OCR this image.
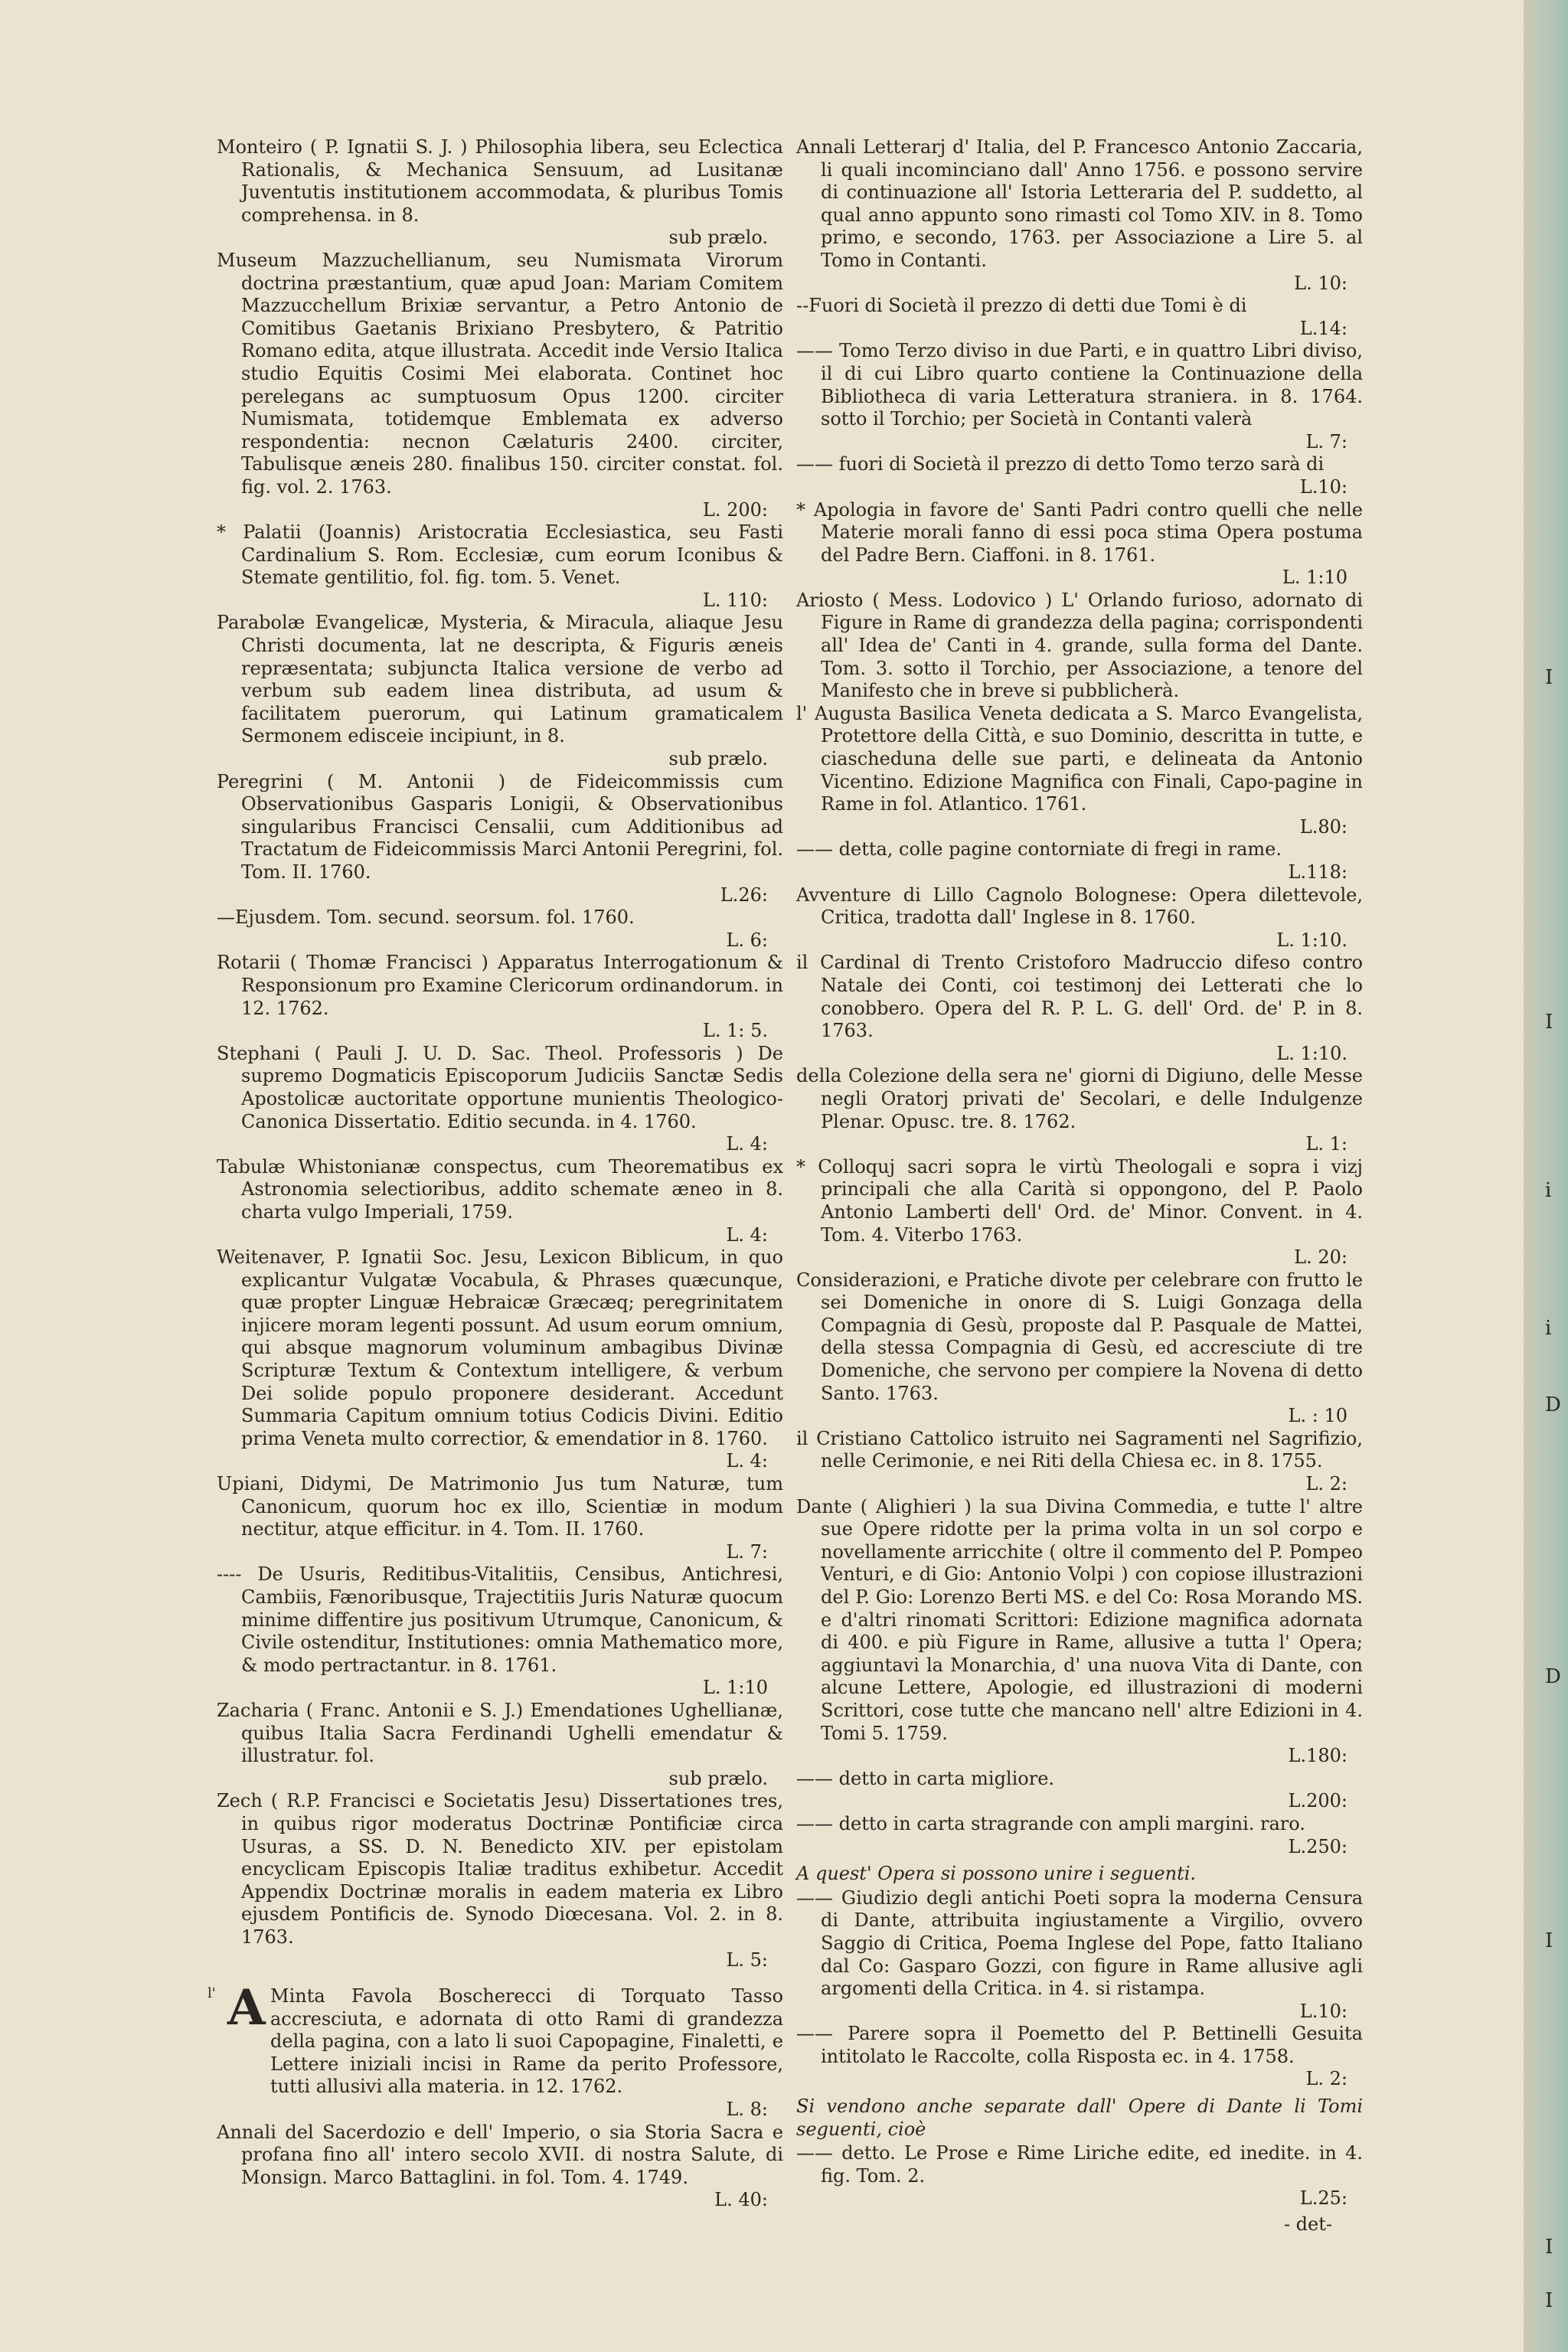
Monteiro ( P. Ignatii S. J. ) Philosophia libera, seu Eclectica Rationalis, & Mechanica Sensuum, ad Lusitanæ Juventutis institutionem accommodata, & pluribus Tomis comprehensa. in 8.
sub prælo.

Museum Mazzuchellianum, seu Numismata Virorum doctrina præstantium, quæ apud Joan: Mariam Comitem Mazzucchellum Brixiæ servantur, a Petro Antonio de Comitibus Gaetanis Brixiano Presbytero, & Patritio Romano edita, atque illustrata. Accedit inde Versio Italica studio Equitis Cosimi Mei elaborata. Continet hoc perelegans ac sumptuosum Opus 1200. circiter Numismata, totidemque Emblemata ex adverso respondentia: necnon Cælaturis 2400. circiter, Tabulisque æneis 280. finalibus 150. circiter constat. fol. fig. vol. 2. 1763.
L. 200:

* Palatii (Joannis) Aristocratia Ecclesiastica, seu Fasti Cardinalium S. Rom. Ecclesiæ, cum eorum Iconibus & Stemate gentilitio, fol. fig. tom. 5. Venet.
L. 110:

Parabolæ Evangelicæ, Mysteria, & Miracula, aliaque Jesu Christi documenta, lat ne descripta, & Figuris æneis repræsentata; subjuncta Italica versione de verbo ad verbum sub eadem linea distributa, ad usum & facilitatem puerorum, qui Latinum gramaticalem Sermonem edisceie incipiunt, in 8.
sub prælo.

Peregrini ( M. Antonii ) de Fideicommissis cum Observationibus Gasparis Lonigii, & Observationibus singularibus Francisci Censalii, cum Additionibus ad Tractatum de Fideicommissis Marci Antonii Peregrini, fol. Tom. II. 1760.
L.26:

—Ejusdem. Tom. secund. seorsum. fol. 1760.
L. 6:

Rotarii ( Thomæ Francisci ) Apparatus Interrogationum & Responsionum pro Examine Clericorum ordinandorum. in 12. 1762.
L. 1: 5.

Stephani ( Pauli J. U. D. Sac. Theol. Professoris ) De supremo Dogmaticis Episcoporum Judiciis Sanctæ Sedis Apostolicæ auctoritate opportune munientis Theologico-Canonica Dissertatio. Editio secunda. in 4. 1760.
L. 4:

Tabulæ Whistonianæ conspectus, cum Theorematibus ex Astronomia selectioribus, addito schemate æneo in 8. charta vulgo Imperiali, 1759.
L. 4:

Weitenaver, P. Ignatii Soc. Jesu, Lexicon Biblicum, in quo explicantur Vulgatæ Vocabula, & Phrases quæcunque, quæ propter Linguæ Hebraicæ Græcæq; peregrinitatem injicere moram legenti possunt. Ad usum eorum omnium, qui absque magnorum voluminum ambagibus Divinæ Scripturæ Textum & Contextum intelligere, & verbum Dei solide populo proponere desiderant. Accedunt Summaria Capitum omnium totius Codicis Divini. Editio prima Veneta multo correctior, & emendatior in 8. 1760.
L. 4:

Upiani, Didymi, De Matrimonio Jus tum Naturæ, tum Canonicum, quorum hoc ex illo, Scientiæ in modum nectitur, atque efficitur. in 4. Tom. II. 1760.
L. 7:

---- De Usuris, Reditibus-Vitalitiis, Censibus, Antichresi, Cambiis, Fænoribusque, Trajectitiis Juris Naturæ quocum minime diffentire jus positivum Utrumque, Canonicum, & Civile ostenditur, Institutiones: omnia Mathematico more, & modo pertractantur. in 8. 1761.
L. 1:10

Zacharia ( Franc. Antonii e S. J.) Emendationes Ughellianæ, quibus Italia Sacra Ferdinandi Ughelli emendatur & illustratur. fol.
sub prælo.

Zech ( R.P. Francisci e Societatis Jesu) Dissertationes tres, in quibus rigor moderatus Doctrinæ Pontificiæ circa Usuras, a SS. D. N. Benedicto XIV. per epistolam encyclicam Episcopis Italiæ traditus exhibetur. Accedit Appendix Doctrinæ moralis in eadem materia ex Libro ejusdem Pontificis de. Synodo Diœcesana. Vol. 2. in 8. 1763.
L. 5:

l' A Minta Favola Boscherecci di Torquato Tasso accresciuta, e adornata di otto Rami di grandezza della pagina, con a lato li suoi Capopagine, Finaletti, e Lettere iniziali incisi in Rame da perito Professore, tutti allusivi alla materia. in 12. 1762.
L. 8:

Annali del Sacerdozio e dell' Imperio, o sia Storia Sacra e profana fino all' intero secolo XVII. di nostra Salute, di Monsign. Marco Battaglini. in fol. Tom. 4. 1749.
L. 40:

Annali Letterarj d' Italia, del P. Francesco Antonio Zaccaria, li quali incominciano dall' Anno 1756. e possono servire di continuazione all' Istoria Letteraria del P. suddetto, al qual anno appunto sono rimasti col Tomo XIV. in 8. Tomo primo, e secondo, 1763. per Associazione a Lire 5. al Tomo in Contanti.
L. 10:

--Fuori di Società il prezzo di detti due Tomi è di
L.14:

—— Tomo Terzo diviso in due Parti, e in quattro Libri diviso, il di cui Libro quarto contiene la Continuazione della Bibliotheca di varia Letteratura straniera. in 8. 1764. sotto il Torchio; per Società in Contanti valerà
L. 7:

—— fuori di Società il prezzo di detto Tomo terzo sarà di
L.10:

* Apologia in favore de' Santi Padri contro quelli che nelle Materie morali fanno di essi poca stima Opera postuma del Padre Bern. Ciaffoni. in 8. 1761.
L. 1:10

Ariosto ( Mess. Lodovico ) L' Orlando furioso, adornato di Figure in Rame di grandezza della pagina; corrispondenti all' Idea de' Canti in 4. grande, sulla forma del Dante. Tom. 3. sotto il Torchio, per Associazione, a tenore del Manifesto che in breve si pubblicherà.

l' Augusta Basilica Veneta dedicata a S. Marco Evangelista, Protettore della Città, e suo Dominio, descritta in tutte, e ciascheduna delle sue parti, e delineata da Antonio Vicentino. Edizione Magnifica con Finali, Capo-pagine in Rame in fol. Atlantico. 1761.
L.80:

—— detta, colle pagine contorniate di fregi in rame.
L.118:

Avventure di Lillo Cagnolo Bolognese: Opera dilettevole, Critica, tradotta dall' Inglese in 8. 1760.
L. 1:10.

il Cardinal di Trento Cristoforo Madruccio difeso contro Natale dei Conti, coi testimonj dei Letterati che lo conobbero. Opera del R. P. L. G. dell' Ord. de' P. in 8. 1763.
L. 1:10.

della Colezione della sera ne' giorni di Digiuno, delle Messe negli Oratorj privati de' Secolari, e delle Indulgenze Plenar. Opusc. tre. 8. 1762.
L. 1:

* Colloquj sacri sopra le virtù Theologali e sopra i vizj principali che alla Carità si oppongono, del P. Paolo Antonio Lamberti dell' Ord. de' Minor. Convent. in 4. Tom. 4. Viterbo 1763.
L. 20:

Considerazioni, e Pratiche divote per celebrare con frutto le sei Domeniche in onore di S. Luigi Gonzaga della Compagnia di Gesù, proposte dal P. Pasquale de Mattei, della stessa Compagnia di Gesù, ed accresciute di tre Domeniche, che servono per compiere la Novena di detto Santo. 1763.
L. : 10

il Cristiano Cattolico istruito nei Sagramenti nel Sagrifizio, nelle Cerimonie, e nei Riti della Chiesa ec. in 8. 1755.
L. 2:

Dante ( Alighieri ) la sua Divina Commedia, e tutte l' altre sue Opere ridotte per la prima volta in un sol corpo e novellamente arricchite ( oltre il commento del P. Pompeo Venturi, e di Gio: Antonio Volpi ) con copiose illustrazioni del P. Gio: Lorenzo Berti MS. e del Co: Rosa Morando MS. e d'altri rinomati Scrittori: Edizione magnifica adornata di 400. e più Figure in Rame, allusive a tutta l' Opera; aggiuntavi la Monarchia, d' una nuova Vita di Dante, con alcune Lettere, Apologie, ed illustrazioni di moderni Scrittori, cose tutte che mancano nell' altre Edizioni in 4. Tomi 5. 1759.
L.180:

—— detto in carta migliore.
L.200:

—— detto in carta stragrande con ampli margini. raro.
L.250:

A quest' Opera si possono unire i seguenti.

—— Giudizio degli antichi Poeti sopra la moderna Censura di Dante, attribuita ingiustamente a Virgilio, ovvero Saggio di Critica, Poema Inglese del Pope, fatto Italiano dal Co: Gasparo Gozzi, con figure in Rame allusive agli argomenti della Critica. in 4. si ristampa.
L.10:

—— Parere sopra il Poemetto del P. Bettinelli Gesuita intitolato le Raccolte, colla Risposta ec. in 4. 1758.
L. 2:

Si vendono anche separate dall' Opere di Dante li Tomi seguenti, cioè

—— detto. Le Prose e Rime Liriche edite, ed inedite. in 4. fig. Tom. 2.
L.25:

- det-
I
I
i
i
D
D
I
I
I
